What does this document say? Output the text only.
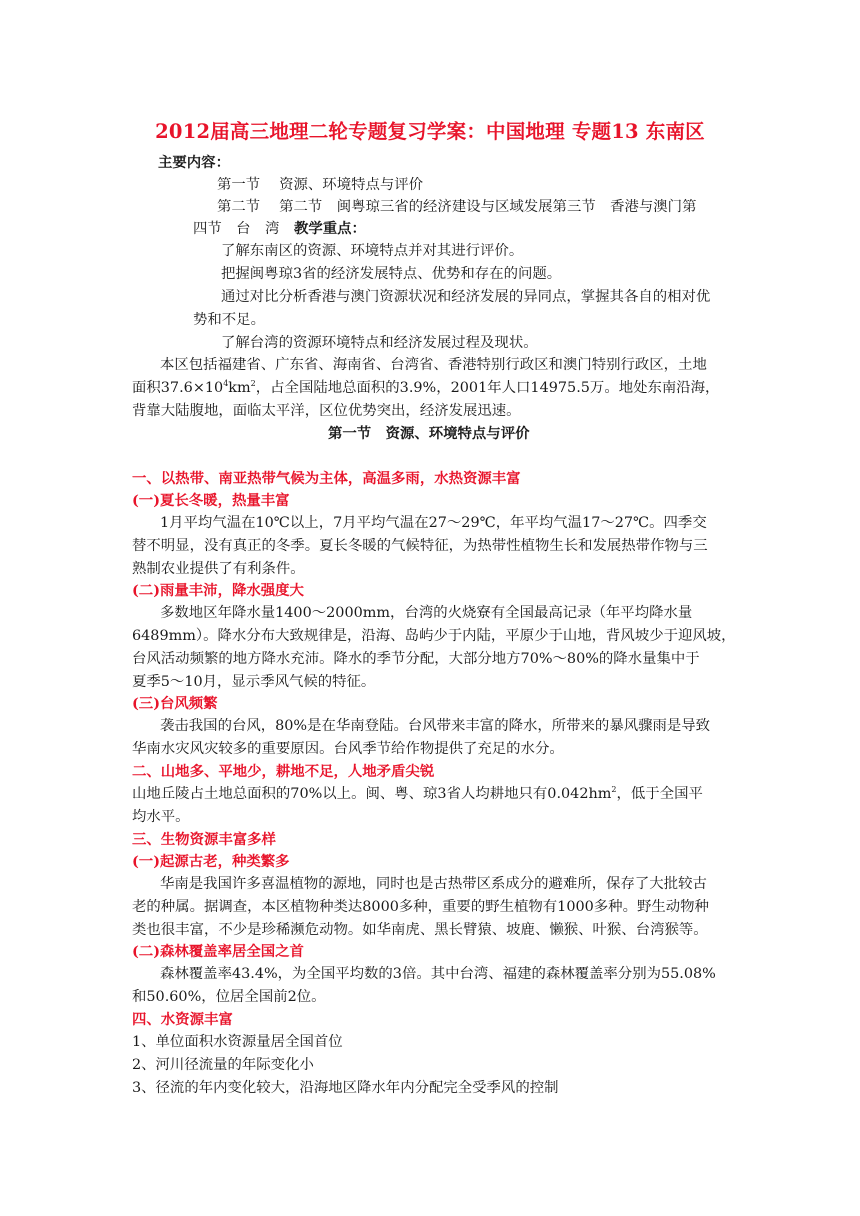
2012届高三地理二轮专题复习学案：中国地理 专题13 东南区
主要内容：
第一节　 资源、环境特点与评价
第二节　 第二节　闽粤琼三省的经济建设与区域发展第三节　香港与澳门第
四节　台　湾 教学重点：
了解东南区的资源、环境特点并对其进行评价。
把握闽粤琼3省的经济发展特点、优势和存在的问题。
通过对比分析香港与澳门资源状况和经济发展的异同点，掌握其各自的相对优
势和不足。
了解台湾的资源环境特点和经济发展过程及现状。
本区包括福建省、广东省、海南省、台湾省、香港特别行政区和澳门特别行政区，土地
面积$37.6\times 10^4km^2$，占全国陆地总面积的3.9%，2001年人口14975.5万。地处东南沿海，
背靠大陆腹地，面临太平洋，区位优势突出，经济发展迅速。
第一节　资源、环境特点与评价
一、以热带、南亚热带气候为主体，高温多雨，水热资源丰富
(一)夏长冬暖，热量丰富
1月平均气温在10℃以上，7月平均气温在27～29℃，年平均气温17～27℃。四季交
替不明显，没有真正的冬季。夏长冬暖的气候特征，为热带性植物生长和发展热带作物与三
熟制农业提供了有利条件。
(二)雨量丰沛，降水强度大
多数地区年降水量1400～2000mm，台湾的火烧寮有全国最高记录（年平均降水量
6489mm）。降水分布大致规律是，沿海、岛屿少于内陆，平原少于山地，背风坡少于迎风坡，
台风活动频繁的地方降水充沛。降水的季节分配，大部分地方70%～80%的降水量集中于
夏季5～10月，显示季风气候的特征。
(三)台风频繁
袭击我国的台风，80%是在华南登陆。台风带来丰富的降水，所带来的暴风骤雨是导致
华南水灾风灾较多的重要原因。台风季节给作物提供了充足的水分。
二、山地多、平地少，耕地不足，人地矛盾尖锐
山地丘陵占土地总面积的70%以上。闽、粤、琼3省人均耕地只有$0.042hm^2$，低于全国平
均水平。
三、生物资源丰富多样
(一)起源古老，种类繁多
华南是我国许多喜温植物的源地，同时也是古热带区系成分的避难所，保存了大批较古
老的种属。据调查，本区植物种类达8000多种，重要的野生植物有1000多种。野生动物种
类也很丰富，不少是珍稀濒危动物。如华南虎、黑长臂猿、坡鹿、懒猴、叶猴、台湾猴等。
(二)森林覆盖率居全国之首
森林覆盖率43.4%，为全国平均数的3倍。其中台湾、福建的森林覆盖率分别为55.08%
和50.60%，位居全国前2位。
四、水资源丰富
1、单位面积水资源量居全国首位
2、河川径流量的年际变化小
3、径流的年内变化较大，沿海地区降水年内分配完全受季风的控制
